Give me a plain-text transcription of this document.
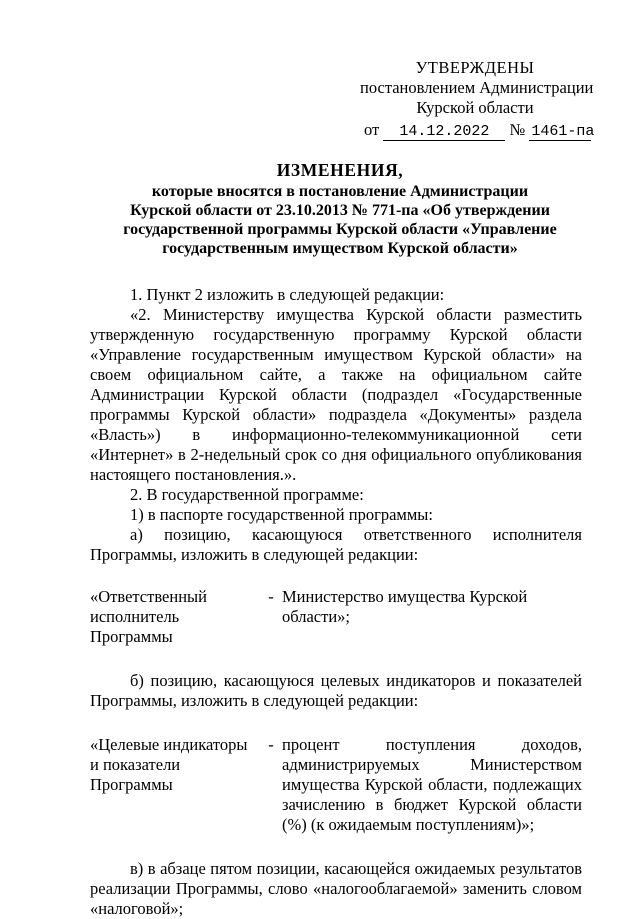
УТВЕРЖДЕНЫ
постановлением Администрации
Курской области
от 14.12.2022 № 1461-па
ИЗМЕНЕНИЯ,
которые вносятся в постановление Администрации
Курской области от 23.10.2013 № 771-па «Об утверждении
государственной программы Курской области «Управление
государственным имуществом Курской области»
1. Пункт 2 изложить в следующей редакции:
«2. Министерству имущества Курской области разместить утвержденную государственную программу Курской области «Управление государственным имуществом Курской области» на своем официальном сайте, а также на официальном сайте Администрации Курской области (подраздел «Государственные программы Курской области» подраздела «Документы» раздела «Власть») в информационно-телекоммуникационной сети «Интернет» в 2-недельный срок со дня официального опубликования настоящего постановления.».
2. В государственной программе:
1) в паспорте государственной программы:
а) позицию, касающуюся ответственного исполнителя Программы, изложить в следующей редакции:
«Ответственный исполнитель Программы
- Министерство имущества Курской области»;
б) позицию, касающуюся целевых индикаторов и показателей Программы, изложить в следующей редакции:
«Целевые индикаторы и показатели Программы
- процент поступления доходов, администрируемых Министерством имущества Курской области, подлежащих зачислению в бюджет Курской области (%) (к ожидаемым поступлениям)»;
в) в абзаце пятом позиции, касающейся ожидаемых результатов реализации Программы, слово «налогооблагаемой» заменить словом «налоговой»;
